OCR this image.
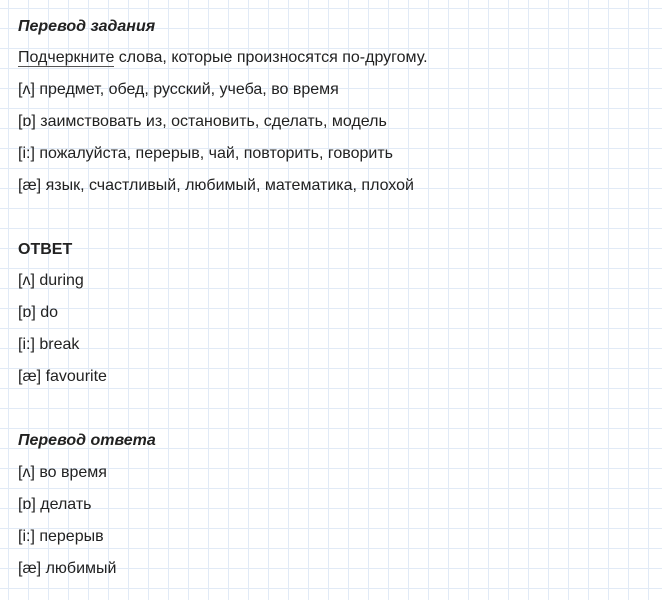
Перевод задания
Подчеркните слова, которые произносятся по-другому.
[ʌ] предмет, обед, русский, учеба, во время
[ɒ] заимствовать из, остановить, сделать, модель
[i:] пожалуйста, перерыв, чай, повторить, говорить
[æ] язык, счастливый, любимый, математика, плохой
ОТВЕТ
[ʌ] during
[ɒ] do
[i:] break
[æ] favourite
Перевод ответа
[ʌ] во время
[ɒ] делать
[i:] перерыв
[æ] любимый
